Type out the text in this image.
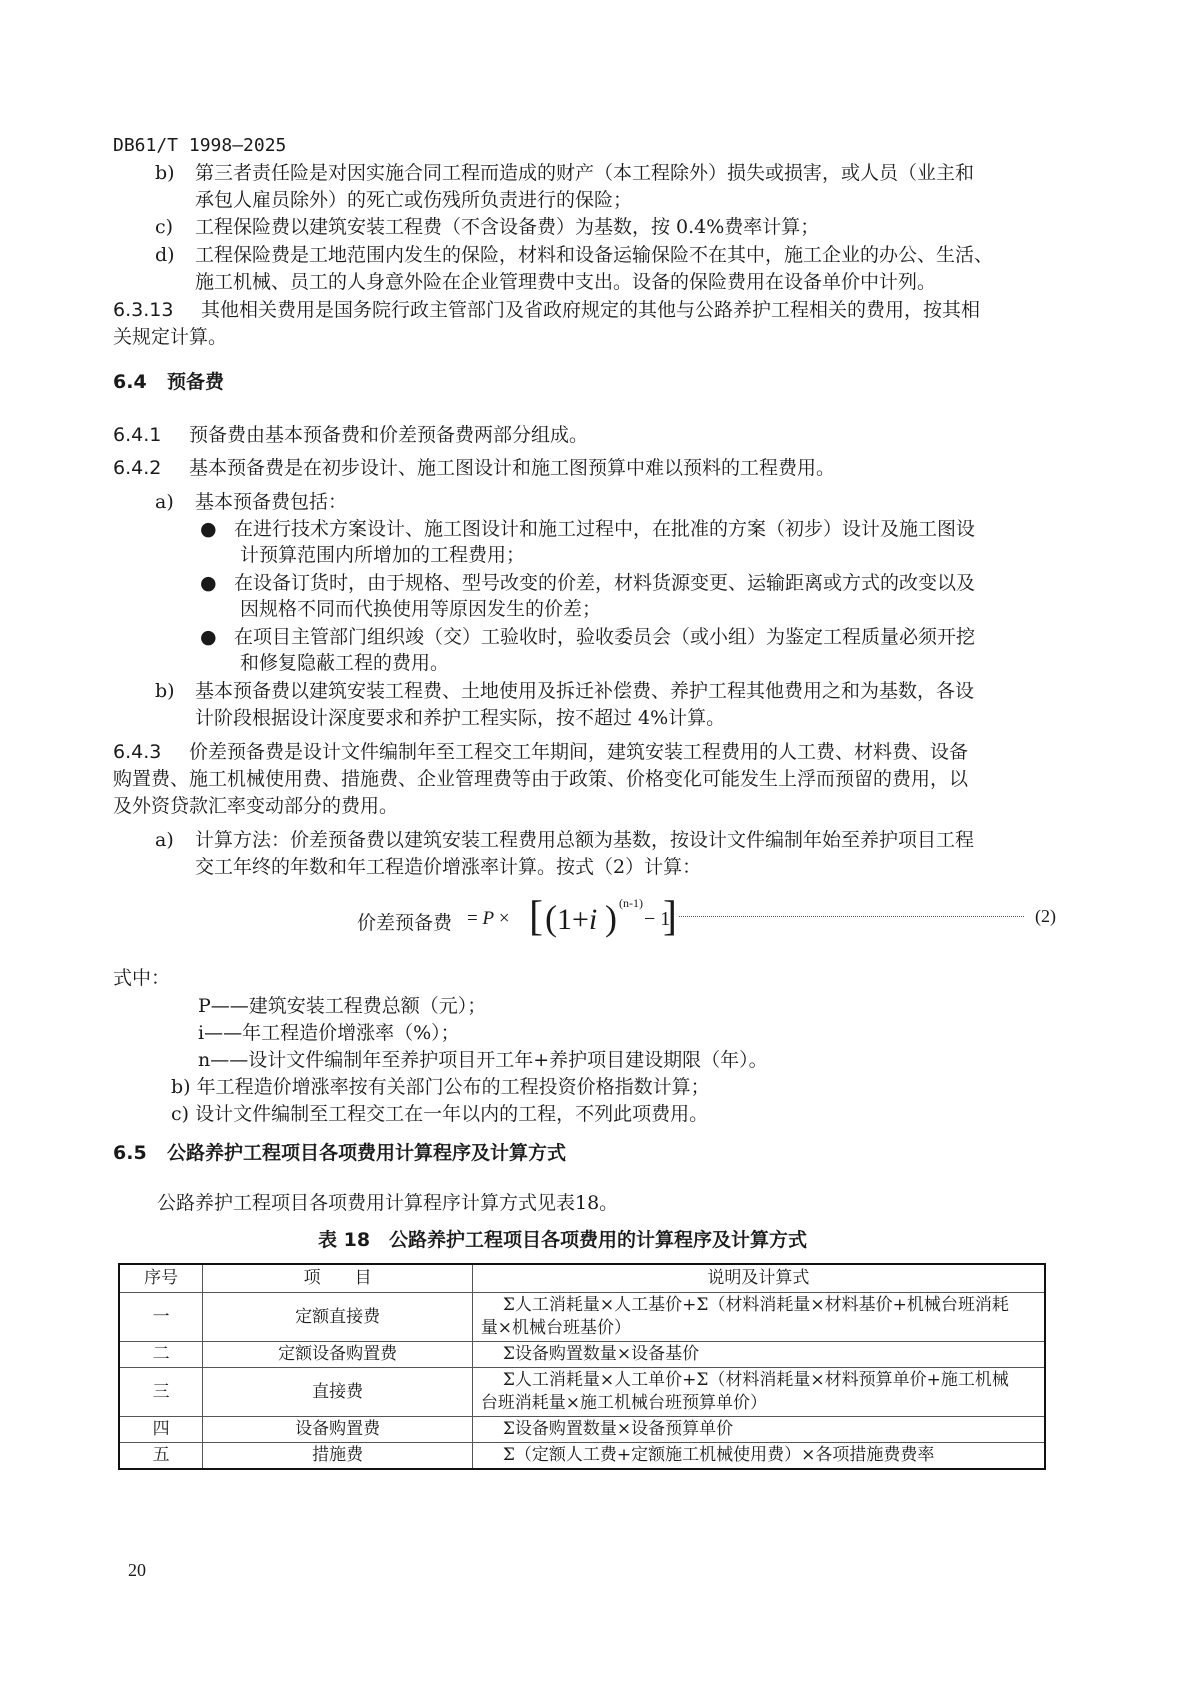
DB61/T 1998—2025
b) 第三者责任险是对因实施合同工程而造成的财产（本工程除外）损失或损害，或人员（业主和
承包人雇员除外）的死亡或伤残所负责进行的保险；
c) 工程保险费以建筑安装工程费（不含设备费）为基数，按 0.4%费率计算；
d) 工程保险费是工地范围内发生的保险，材料和设备运输保险不在其中，施工企业的办公、生活、
施工机械、员工的人身意外险在企业管理费中支出。设备的保险费用在设备单价中计列。
6.3.13 其他相关费用是国务院行政主管部门及省政府规定的其他与公路养护工程相关的费用，按其相
关规定计算。
6.4 预备费
6.4.1 预备费由基本预备费和价差预备费两部分组成。
6.4.2 基本预备费是在初步设计、施工图设计和施工图预算中难以预料的工程费用。
a) 基本预备费包括：
● 在进行技术方案设计、施工图设计和施工过程中，在批准的方案（初步）设计及施工图设
计预算范围内所增加的工程费用；
● 在设备订货时，由于规格、型号改变的价差，材料货源变更、运输距离或方式的改变以及
因规格不同而代换使用等原因发生的价差；
● 在项目主管部门组织竣（交）工验收时，验收委员会（或小组）为鉴定工程质量必须开挖
和修复隐蔽工程的费用。
b) 基本预备费以建筑安装工程费、土地使用及拆迁补偿费、养护工程其他费用之和为基数，各设
计阶段根据设计深度要求和养护工程实际，按不超过 4%计算。
6.4.3 价差预备费是设计文件编制年至工程交工年期间，建筑安装工程费用的人工费、材料费、设备
购置费、施工机械使用费、措施费、企业管理费等由于政策、价格变化可能发生上浮而预留的费用，以
及外资贷款汇率变动部分的费用。
a) 计算方法：价差预备费以建筑安装工程费用总额为基数，按设计文件编制年始至养护项目工程
交工年终的年数和年工程造价增涨率计算。按式（2）计算：
价差预备费 = P × [ ( 1+i ) (n-1)
− 1
]	(2)
式中：
P——建筑安装工程费总额（元）；
i——年工程造价增涨率（%）；
n——设计文件编制年至养护项目开工年+养护项目建设期限（年）。
b) 年工程造价增涨率按有关部门公布的工程投资价格指数计算；
c) 设计文件编制至工程交工在一年以内的工程，不列此项费用。
6.5 公路养护工程项目各项费用计算程序及计算方式
公路养护工程项目各项费用计算程序计算方式见表18。
表 18　公路养护工程项目各项费用的计算程序及计算方式
序号	项　　目	说明及计算式
一	定额直接费	Σ人工消耗量×人工基价+Σ（材料消耗量×材料基价+机械台班消耗
量×机械台班基价）
二	定额设备购置费	Σ设备购置数量×设备基价
三	直接费	Σ人工消耗量×人工单价+Σ（材料消耗量×材料预算单价+施工机械
台班消耗量×施工机械台班预算单价）
四	设备购置费	Σ设备购置数量×设备预算单价
五	措施费	Σ（定额人工费+定额施工机械使用费）×各项措施费费率
20
